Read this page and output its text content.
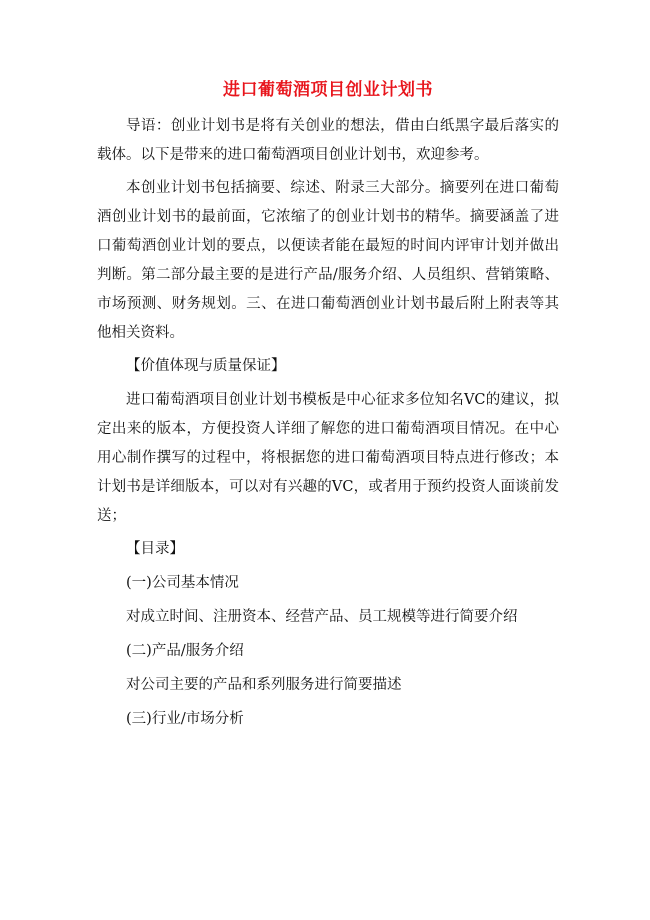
进口葡萄酒项目创业计划书

导语：创业计划书是将有关创业的想法，借由白纸黑字最后落实的载体。以下是带来的进口葡萄酒项目创业计划书，欢迎参考。

本创业计划书包括摘要、综述、附录三大部分。摘要列在进口葡萄酒创业计划书的最前面，它浓缩了的创业计划书的精华。摘要涵盖了进口葡萄酒创业计划的要点，以便读者能在最短的时间内评审计划并做出判断。第二部分最主要的是进行产品/服务介绍、人员组织、营销策略、市场预测、财务规划。三、在进口葡萄酒创业计划书最后附上附表等其他相关资料。

【价值体现与质量保证】

进口葡萄酒项目创业计划书模板是中心征求多位知名VC的建议，拟定出来的版本，方便投资人详细了解您的进口葡萄酒项目情况。在中心用心制作撰写的过程中，将根据您的进口葡萄酒项目特点进行修改；本计划书是详细版本，可以对有兴趣的VC，或者用于预约投资人面谈前发送；

【目录】
(一)公司基本情况
对成立时间、注册资本、经营产品、员工规模等进行简要介绍
(二)产品/服务介绍
对公司主要的产品和系列服务进行简要描述
(三)行业/市场分析
